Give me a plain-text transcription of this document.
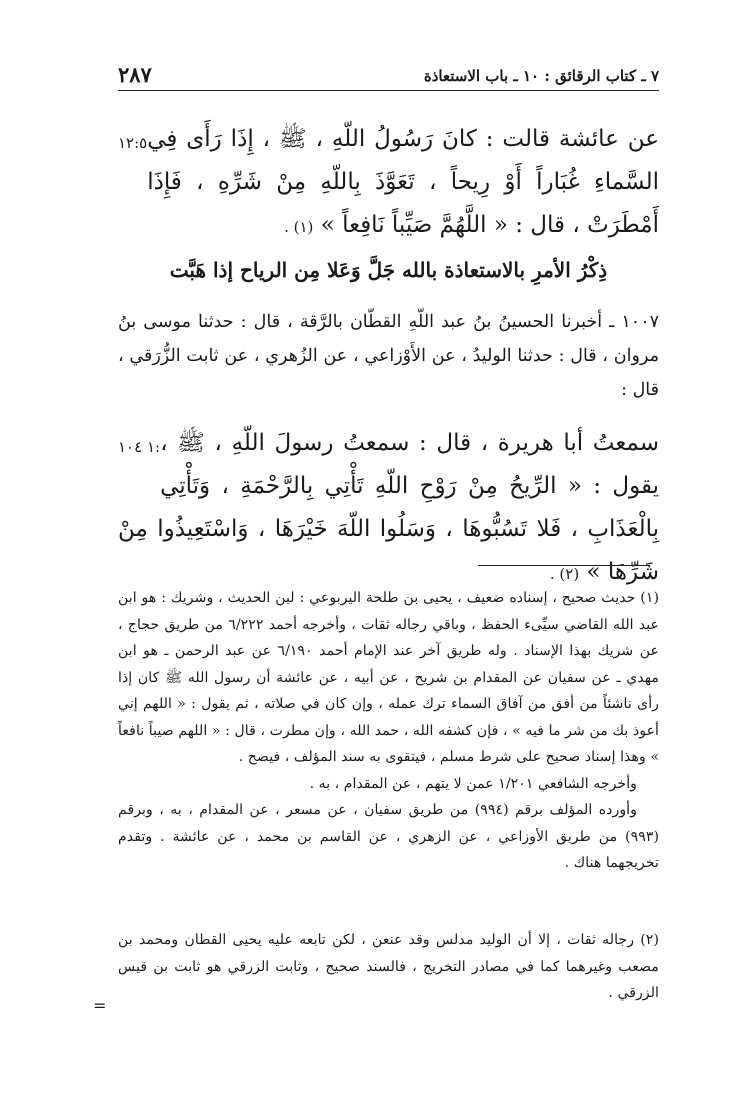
٢٨٧	٧ ـ كتاب الرقائق : ١٠ ـ باب الاستعاذة
١٢:٥ عن عائشة قالت : كانَ رَسُولُ اللّهِ ، ﷺ ، إِذَا رَأَى فِي السَّماءِ غُبَاراً أَوْ رِيحاً ، تَعَوَّذَ بِاللّهِ مِنْ شَرِّهِ ، فَإِذَا أَمْطَرَتْ ، قال : « اللَّهُمَّ صَيِّباً نَافِعاً » (١) .
ذِكْرُ الأمرِ بالاستعاذة بالله جَلَّ وَعَلا مِن الرياح إذا هَبَّت
١٠٠٧ ـ أخبرنا الحسينُ بنُ عبد اللّهِ القطّان بالرَّقة ، قال : حدثنا موسى بنُ مروان ، قال : حدثنا الوليدُ ، عن الأَوْزاعي ، عن الزُهري ، عن ثابت الزُّرَقي ، قال :
١ ١٠٤: سمعتُ أبا هريرة ، قال : سمعتُ رسولَ اللّهِ ، ﷺ ، يقول : « الرِّيحُ مِنْ رَوْحِ اللّهِ تَأْتِي بِالرَّحْمَةِ ، وَتَأْتِي بِالْعَذَابِ ، فَلا تَسُبُّوهَا ، وَسَلُوا اللّهَ خَيْرَهَا ، وَاسْتَعِيذُوا مِنْ شَرِّهَا » (٢) .
(١) حديث صحيح ، إسناده ضعيف ، يحيى بن طلحة اليربوعي : لين الحديث ، وشريك : هو ابن عبد الله القاضي سيِّىء الحفظ ، وباقي رجاله ثقات ، وأخرجه أحمد ٦/٢٢٢ من طريق حجاج ، عن شريك بهذا الإسناد . وله طريق آخر عند الإمام أحمد ٦/١٩٠ عن عبد الرحمن ـ هو ابن مهدي ـ عن سفيان عن المقدام بن شريح ، عن أبيه ، عن عائشة أن رسول الله ﷺ كان إذا رأى ناشئاً من أفق من آفاق السماء ترك عمله ، وإن كان في صلاته ، ثم يقول : « اللهم إني أعوذ بك من شر ما فيه » ، فإن كشفه الله ، حمد الله ، وإن مطرت ، قال : « اللهم صيباً نافعاً » وهذا إسناد صحيح على شرط مسلم ، فيتقوى به سند المؤلف ، فيصح .
وأخرجه الشافعي ١/٢٠١ عمن لا يتهم ، عن المقدام ، به .
وأورده المؤلف برقم (٩٩٤) من طريق سفيان ، عن مسعر ، عن المقدام ، به ، وبرقم (٩٩٣) من طريق الأوزاعي ، عن الزهري ، عن القاسم بن محمد ، عن عائشة . وتقدم تخريجهما هناك .
(٢) رجاله ثقات ، إلا أن الوليد مدلس وقد عنعن ، لكن تابعه عليه يحيى القطان ومحمد بن مصعب وغيرهما كما في مصادر التخريج ، فالسند صحيح ، وثابت الزرقي هو ثابت بن قيس الزرقي .
=
